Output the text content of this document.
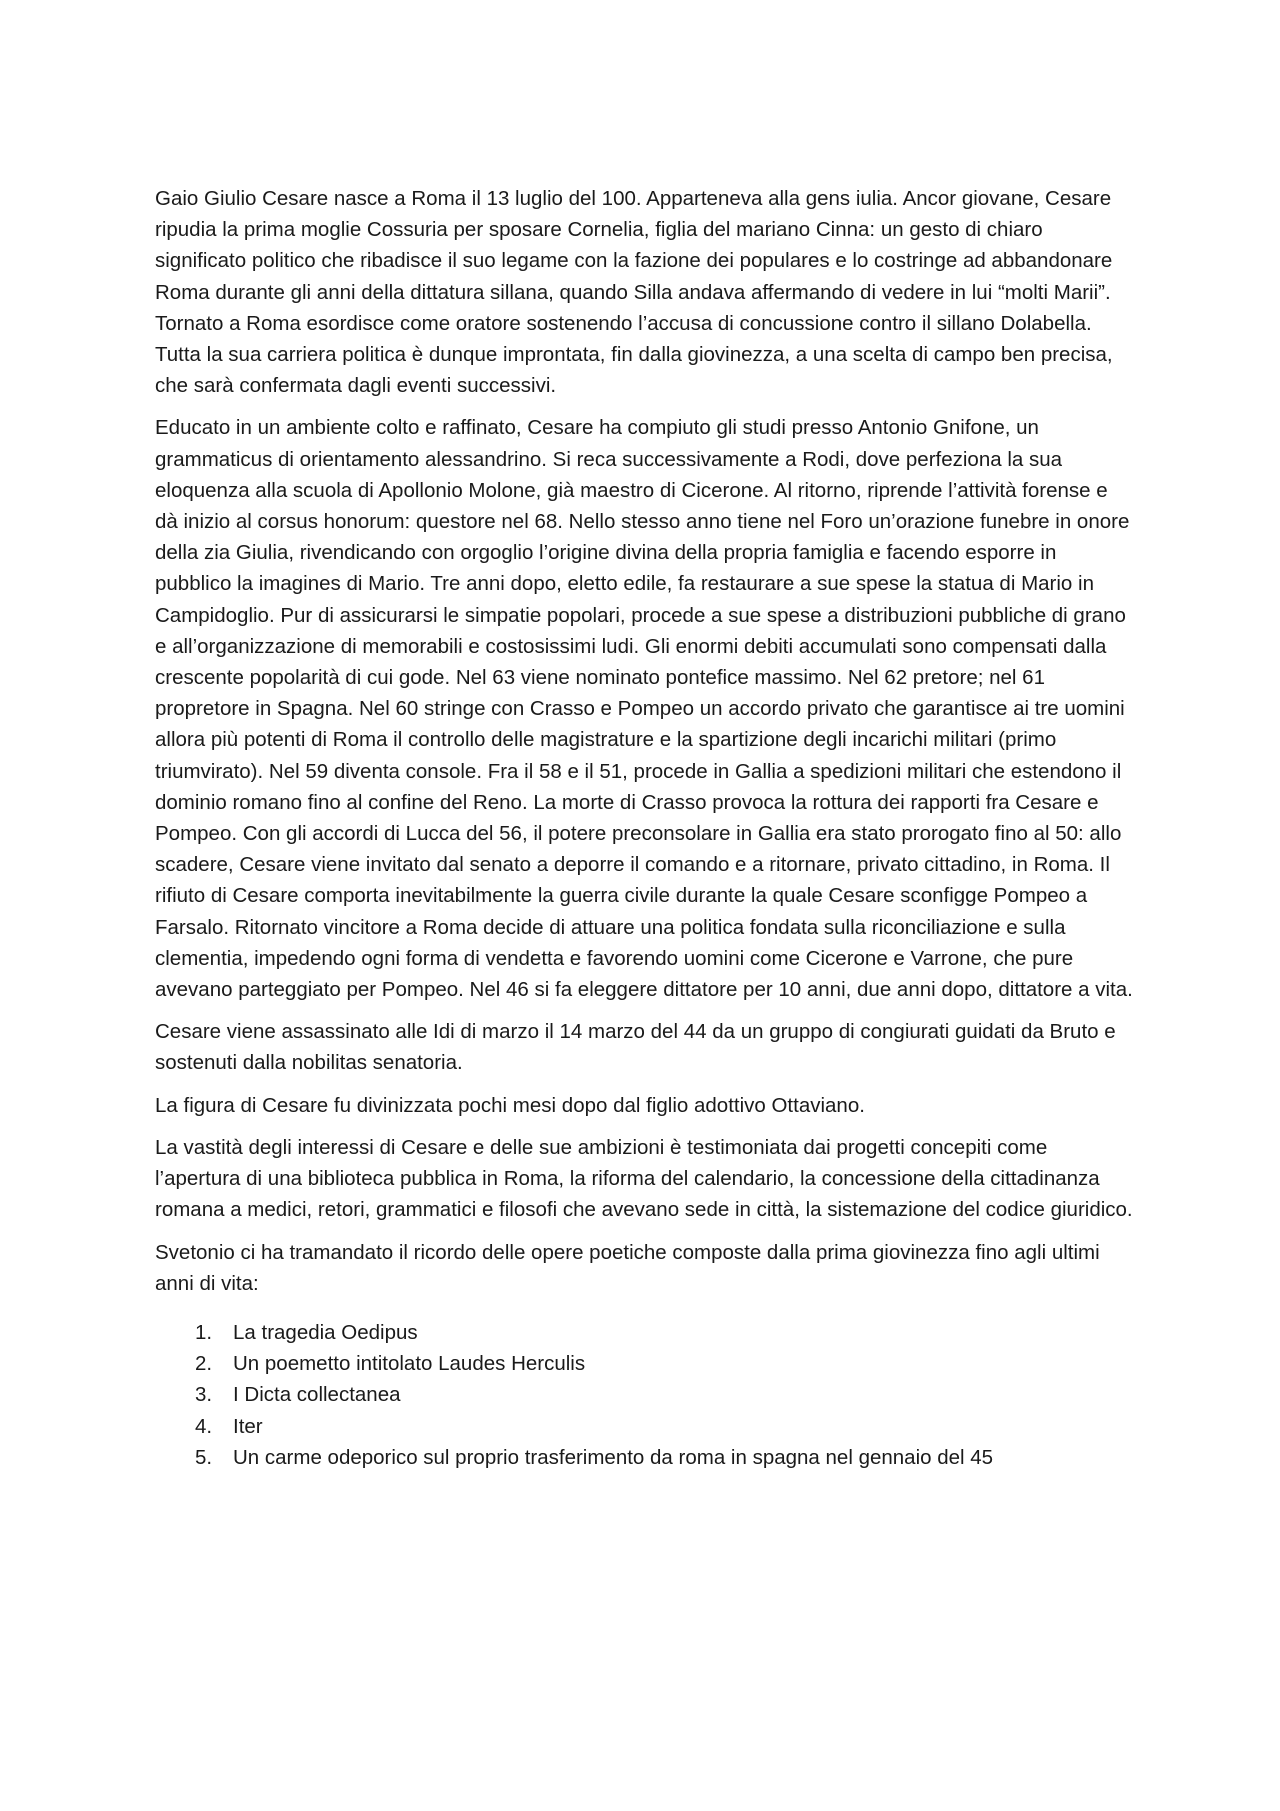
Gaio Giulio Cesare nasce a Roma il 13 luglio del 100. Apparteneva alla gens iulia. Ancor giovane, Cesare ripudia la prima moglie Cossuria per sposare Cornelia, figlia del mariano Cinna: un gesto di chiaro significato politico che ribadisce il suo legame con la fazione dei populares e lo costringe ad abbandonare Roma durante gli anni della dittatura sillana, quando Silla andava affermando di vedere in lui “molti Marii”. Tornato a Roma esordisce come oratore sostenendo l’accusa di concussione contro il sillano Dolabella. Tutta la sua carriera politica è dunque improntata, fin dalla giovinezza, a una scelta di campo ben precisa, che sarà confermata dagli eventi successivi.

Educato in un ambiente colto e raffinato, Cesare ha compiuto gli studi presso Antonio Gnifone, un grammaticus di orientamento alessandrino. Si reca successivamente a Rodi, dove perfeziona la sua eloquenza alla scuola di Apollonio Molone, già maestro di Cicerone. Al ritorno, riprende l’attività forense e dà inizio al corsus honorum: questore nel 68. Nello stesso anno tiene nel Foro un’orazione funebre in onore della zia Giulia, rivendicando con orgoglio l’origine divina della propria famiglia e facendo esporre in pubblico la imagines di Mario. Tre anni dopo, eletto edile, fa restaurare a sue spese la statua di Mario in Campidoglio. Pur di assicurarsi le simpatie popolari, procede a sue spese a distribuzioni pubbliche di grano e all’organizzazione di memorabili e costosissimi ludi. Gli enormi debiti accumulati sono compensati dalla crescente popolarità di cui gode. Nel 63 viene nominato pontefice massimo. Nel 62 pretore; nel 61 propretore in Spagna. Nel 60 stringe con Crasso e Pompeo un accordo privato che garantisce ai tre uomini allora più potenti di Roma il controllo delle magistrature e la spartizione degli incarichi militari (primo triumvirato). Nel 59 diventa console. Fra il 58 e il 51, procede in Gallia a spedizioni militari che estendono il dominio romano fino al confine del Reno. La morte di Crasso provoca la rottura dei rapporti fra Cesare e Pompeo. Con gli accordi di Lucca del 56, il potere preconsolare in Gallia era stato prorogato fino al 50: allo scadere, Cesare viene invitato dal senato a deporre il comando e a ritornare, privato cittadino, in Roma. Il rifiuto di Cesare comporta inevitabilmente la guerra civile durante la quale Cesare sconfigge Pompeo a Farsalo. Ritornato vincitore a Roma decide di attuare una politica fondata sulla riconciliazione e sulla clementia, impedendo ogni forma di vendetta e favorendo uomini come Cicerone e Varrone, che pure avevano parteggiato per Pompeo. Nel 46 si fa eleggere dittatore per 10 anni, due anni dopo, dittatore a vita.

Cesare viene assassinato alle Idi di marzo il 14 marzo del 44 da un gruppo di congiurati guidati da Bruto e sostenuti dalla nobilitas senatoria.

La figura di Cesare fu divinizzata pochi mesi dopo dal figlio adottivo Ottaviano.

La vastità degli interessi di Cesare e delle sue ambizioni è testimoniata dai progetti concepiti come l’apertura di una biblioteca pubblica in Roma, la riforma del calendario, la concessione della cittadinanza romana a medici, retori, grammatici e filosofi che avevano sede in città, la sistemazione del codice giuridico.

Svetonio ci ha tramandato il ricordo delle opere poetiche composte dalla prima giovinezza fino agli ultimi anni di vita:

1. La tragedia Oedipus
2. Un poemetto intitolato Laudes Herculis
3. I Dicta collectanea
4. Iter
5. Un carme odeporico sul proprio trasferimento da roma in spagna nel gennaio del 45
